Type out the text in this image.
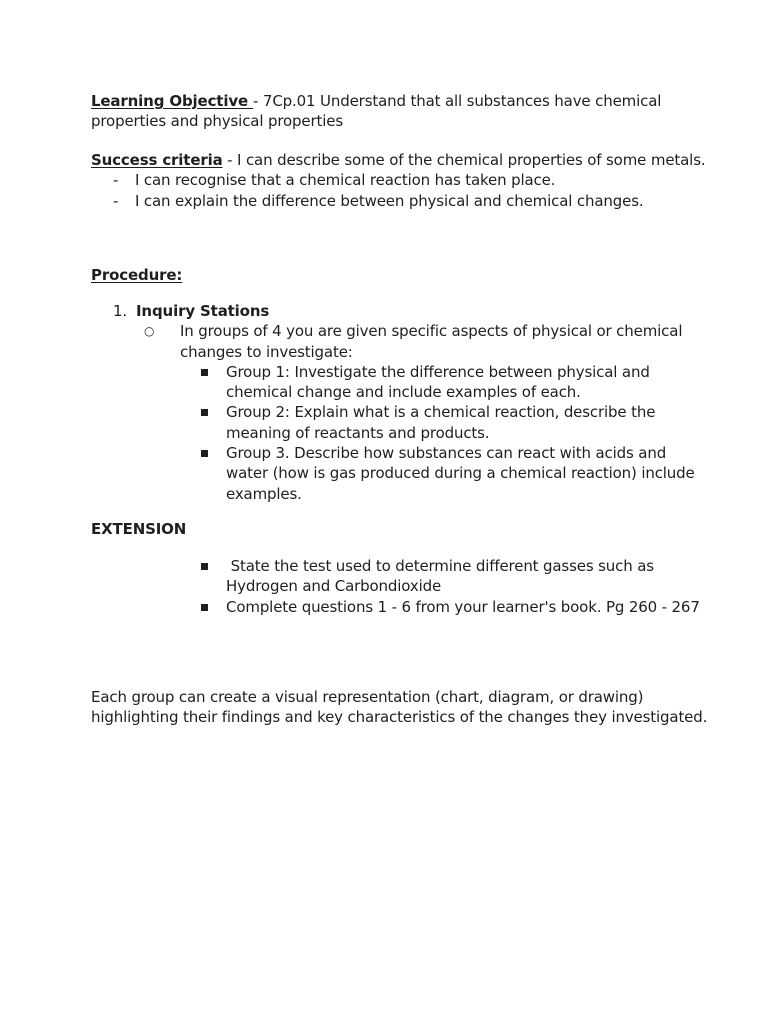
Learning Objective - 7Cp.01 Understand that all substances have chemical properties and physical properties
Success criteria - I can describe some of the chemical properties of some metals.
- I can recognise that a chemical reaction has taken place.
- I can explain the difference between physical and chemical changes.
Procedure:
1. Inquiry Stations
○ In groups of 4 you are given specific aspects of physical or chemical changes to investigate:
Group 1: Investigate the difference between physical and chemical change and include examples of each.
Group 2: Explain what is a chemical reaction, describe the meaning of reactants and products.
Group 3. Describe how substances can react with acids and water (how is gas produced during a chemical reaction) include examples.
EXTENSION
State the test used to determine different gasses such as Hydrogen and Carbondioxide
Complete questions 1 - 6 from your learner's book. Pg 260 - 267
Each group can create a visual representation (chart, diagram, or drawing) highlighting their findings and key characteristics of the changes they investigated.
